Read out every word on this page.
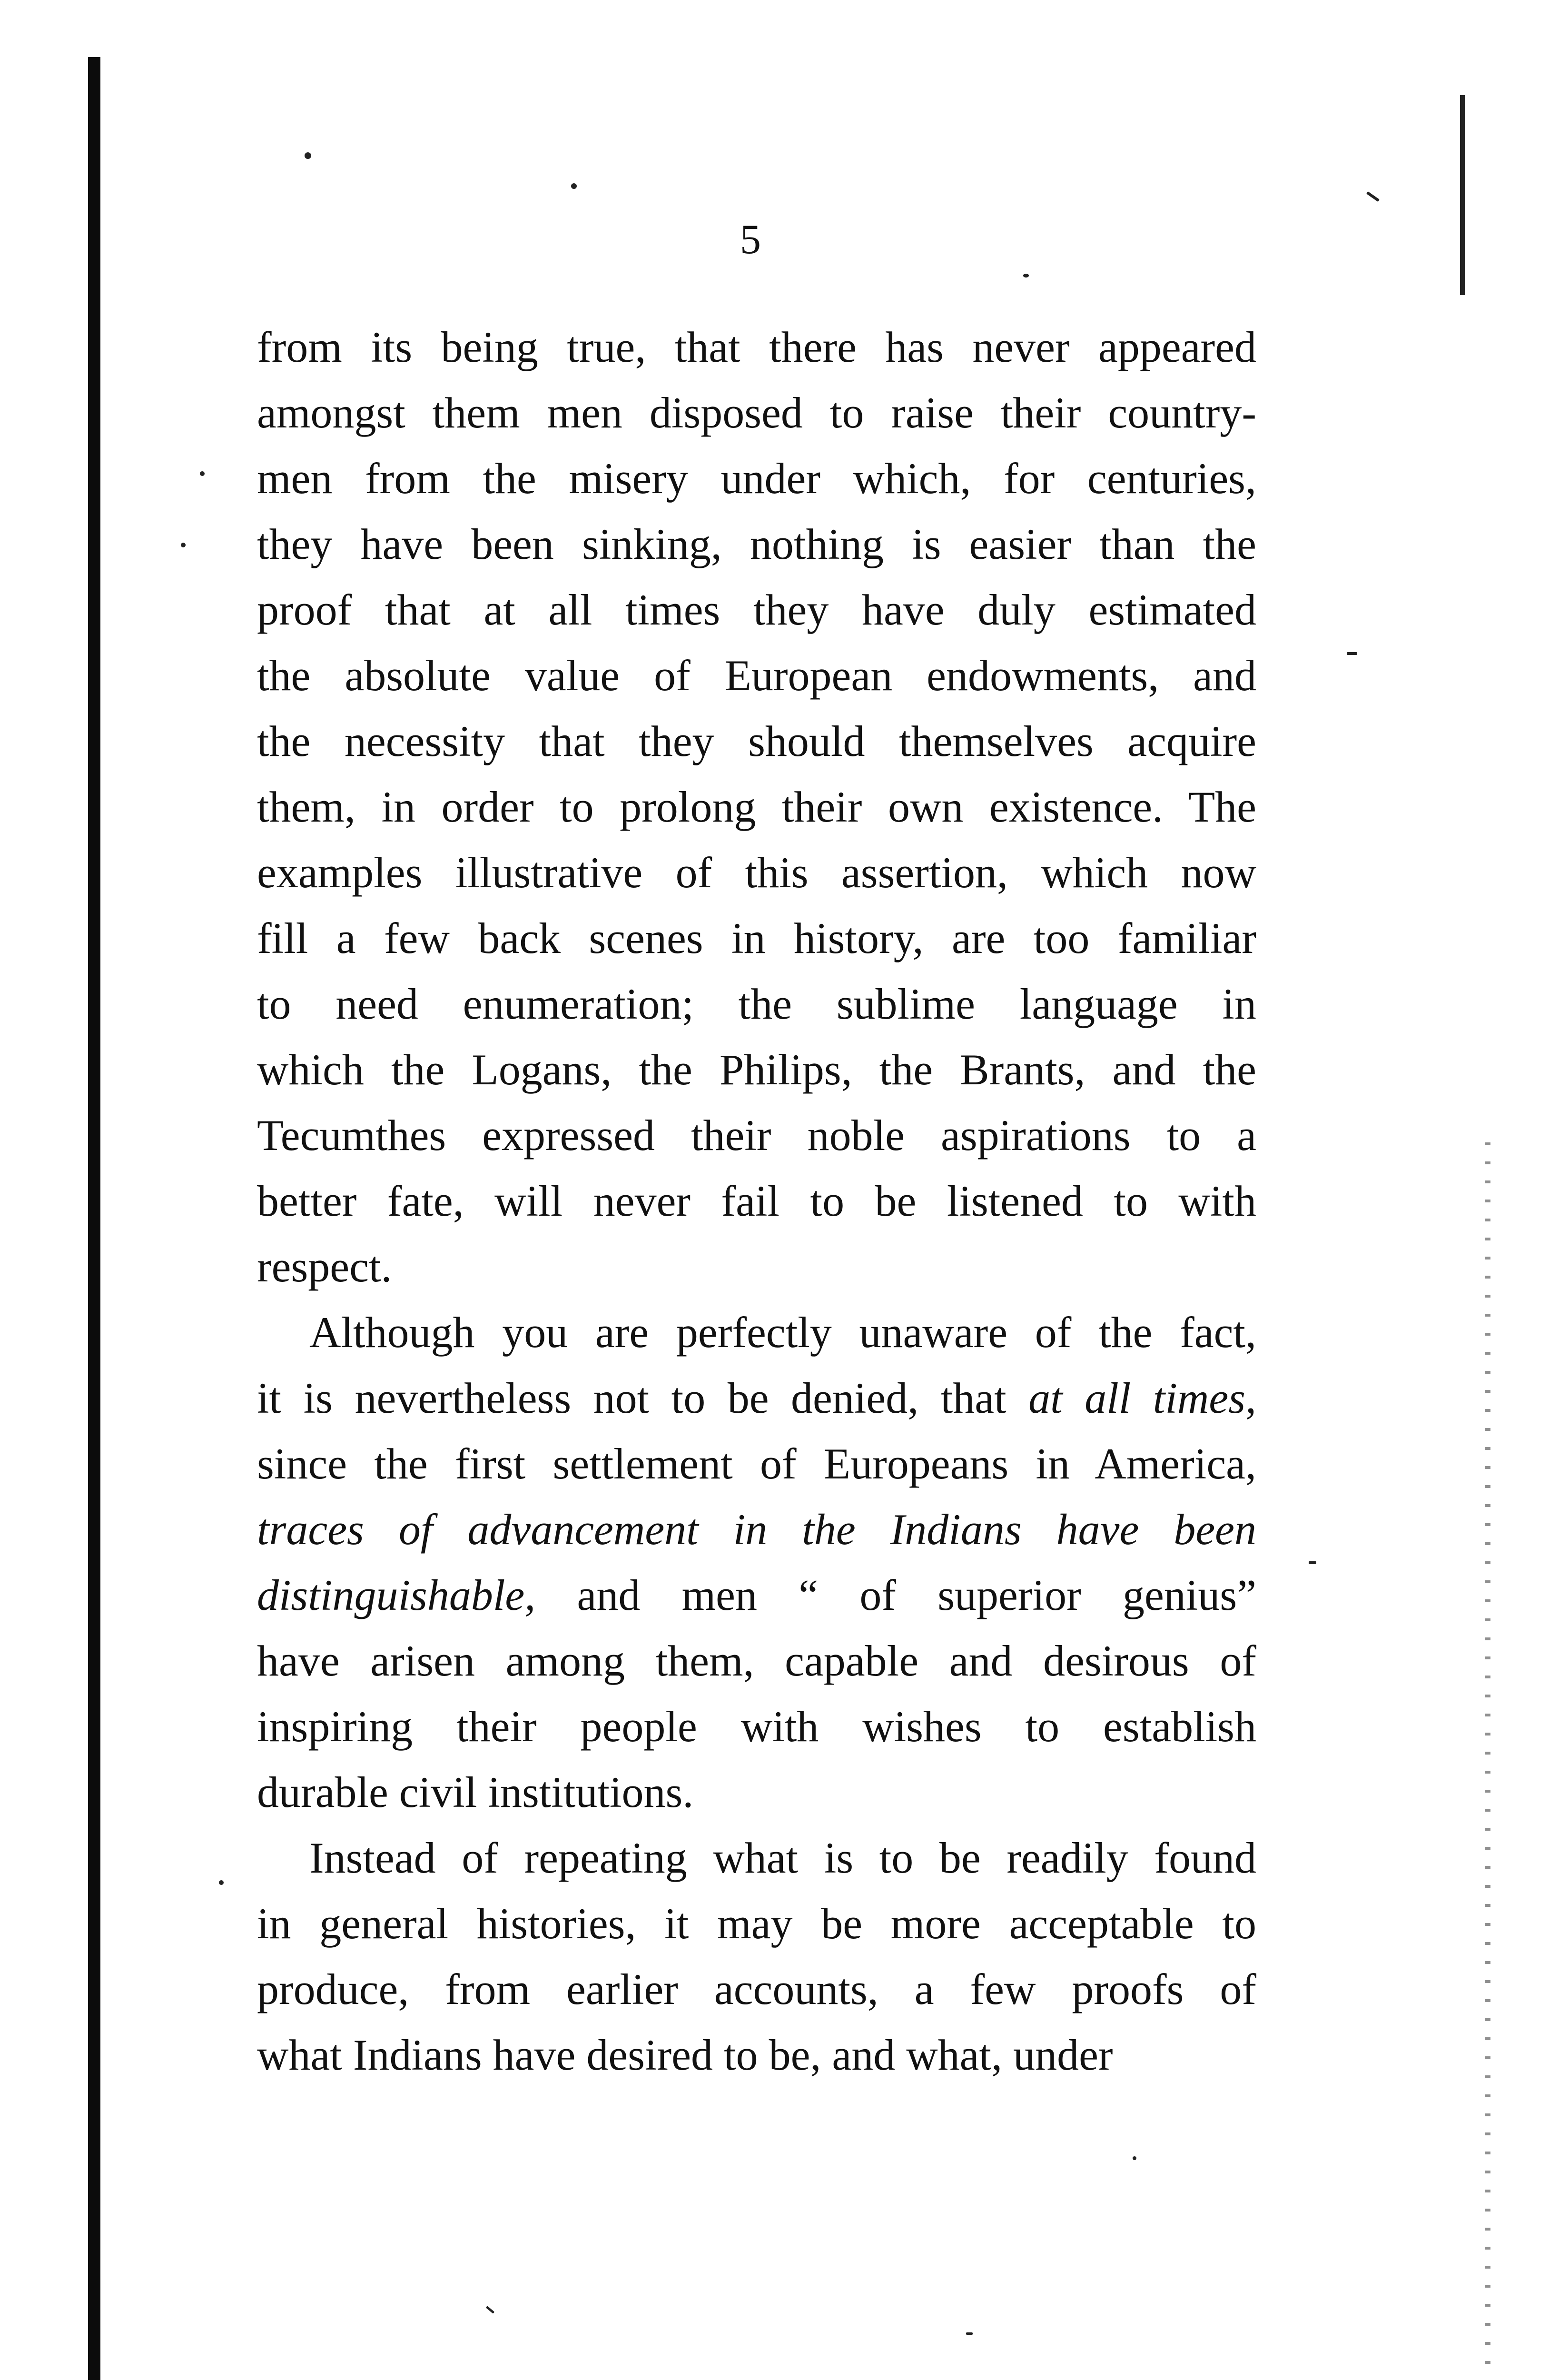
5
from its being true, that there has never appeared
amongst them men disposed to raise their country-
men from the misery under which, for centuries,
they have been sinking, nothing is easier than the
proof that at all times they have duly estimated
the absolute value of European endowments, and
the necessity that they should themselves acquire
them, in order to prolong their own existence. The
examples illustrative of this assertion, which now
fill a few back scenes in history, are too familiar
to need enumeration; the sublime language in
which the Logans, the Philips, the Brants, and the
Tecumthes expressed their noble aspirations to a
better fate, will never fail to be listened to with
respect.
Although you are perfectly unaware of the fact,
it is nevertheless not to be denied, that at all times,
since the first settlement of Europeans in America,
traces of advancement in the Indians have been
distinguishable, and men “ of superior genius”
have arisen among them, capable and desirous of
inspiring their people with wishes to establish
durable civil institutions.
Instead of repeating what is to be readily found
in general histories, it may be more acceptable to
produce, from earlier accounts, a few proofs of
what Indians have desired to be, and what, under
